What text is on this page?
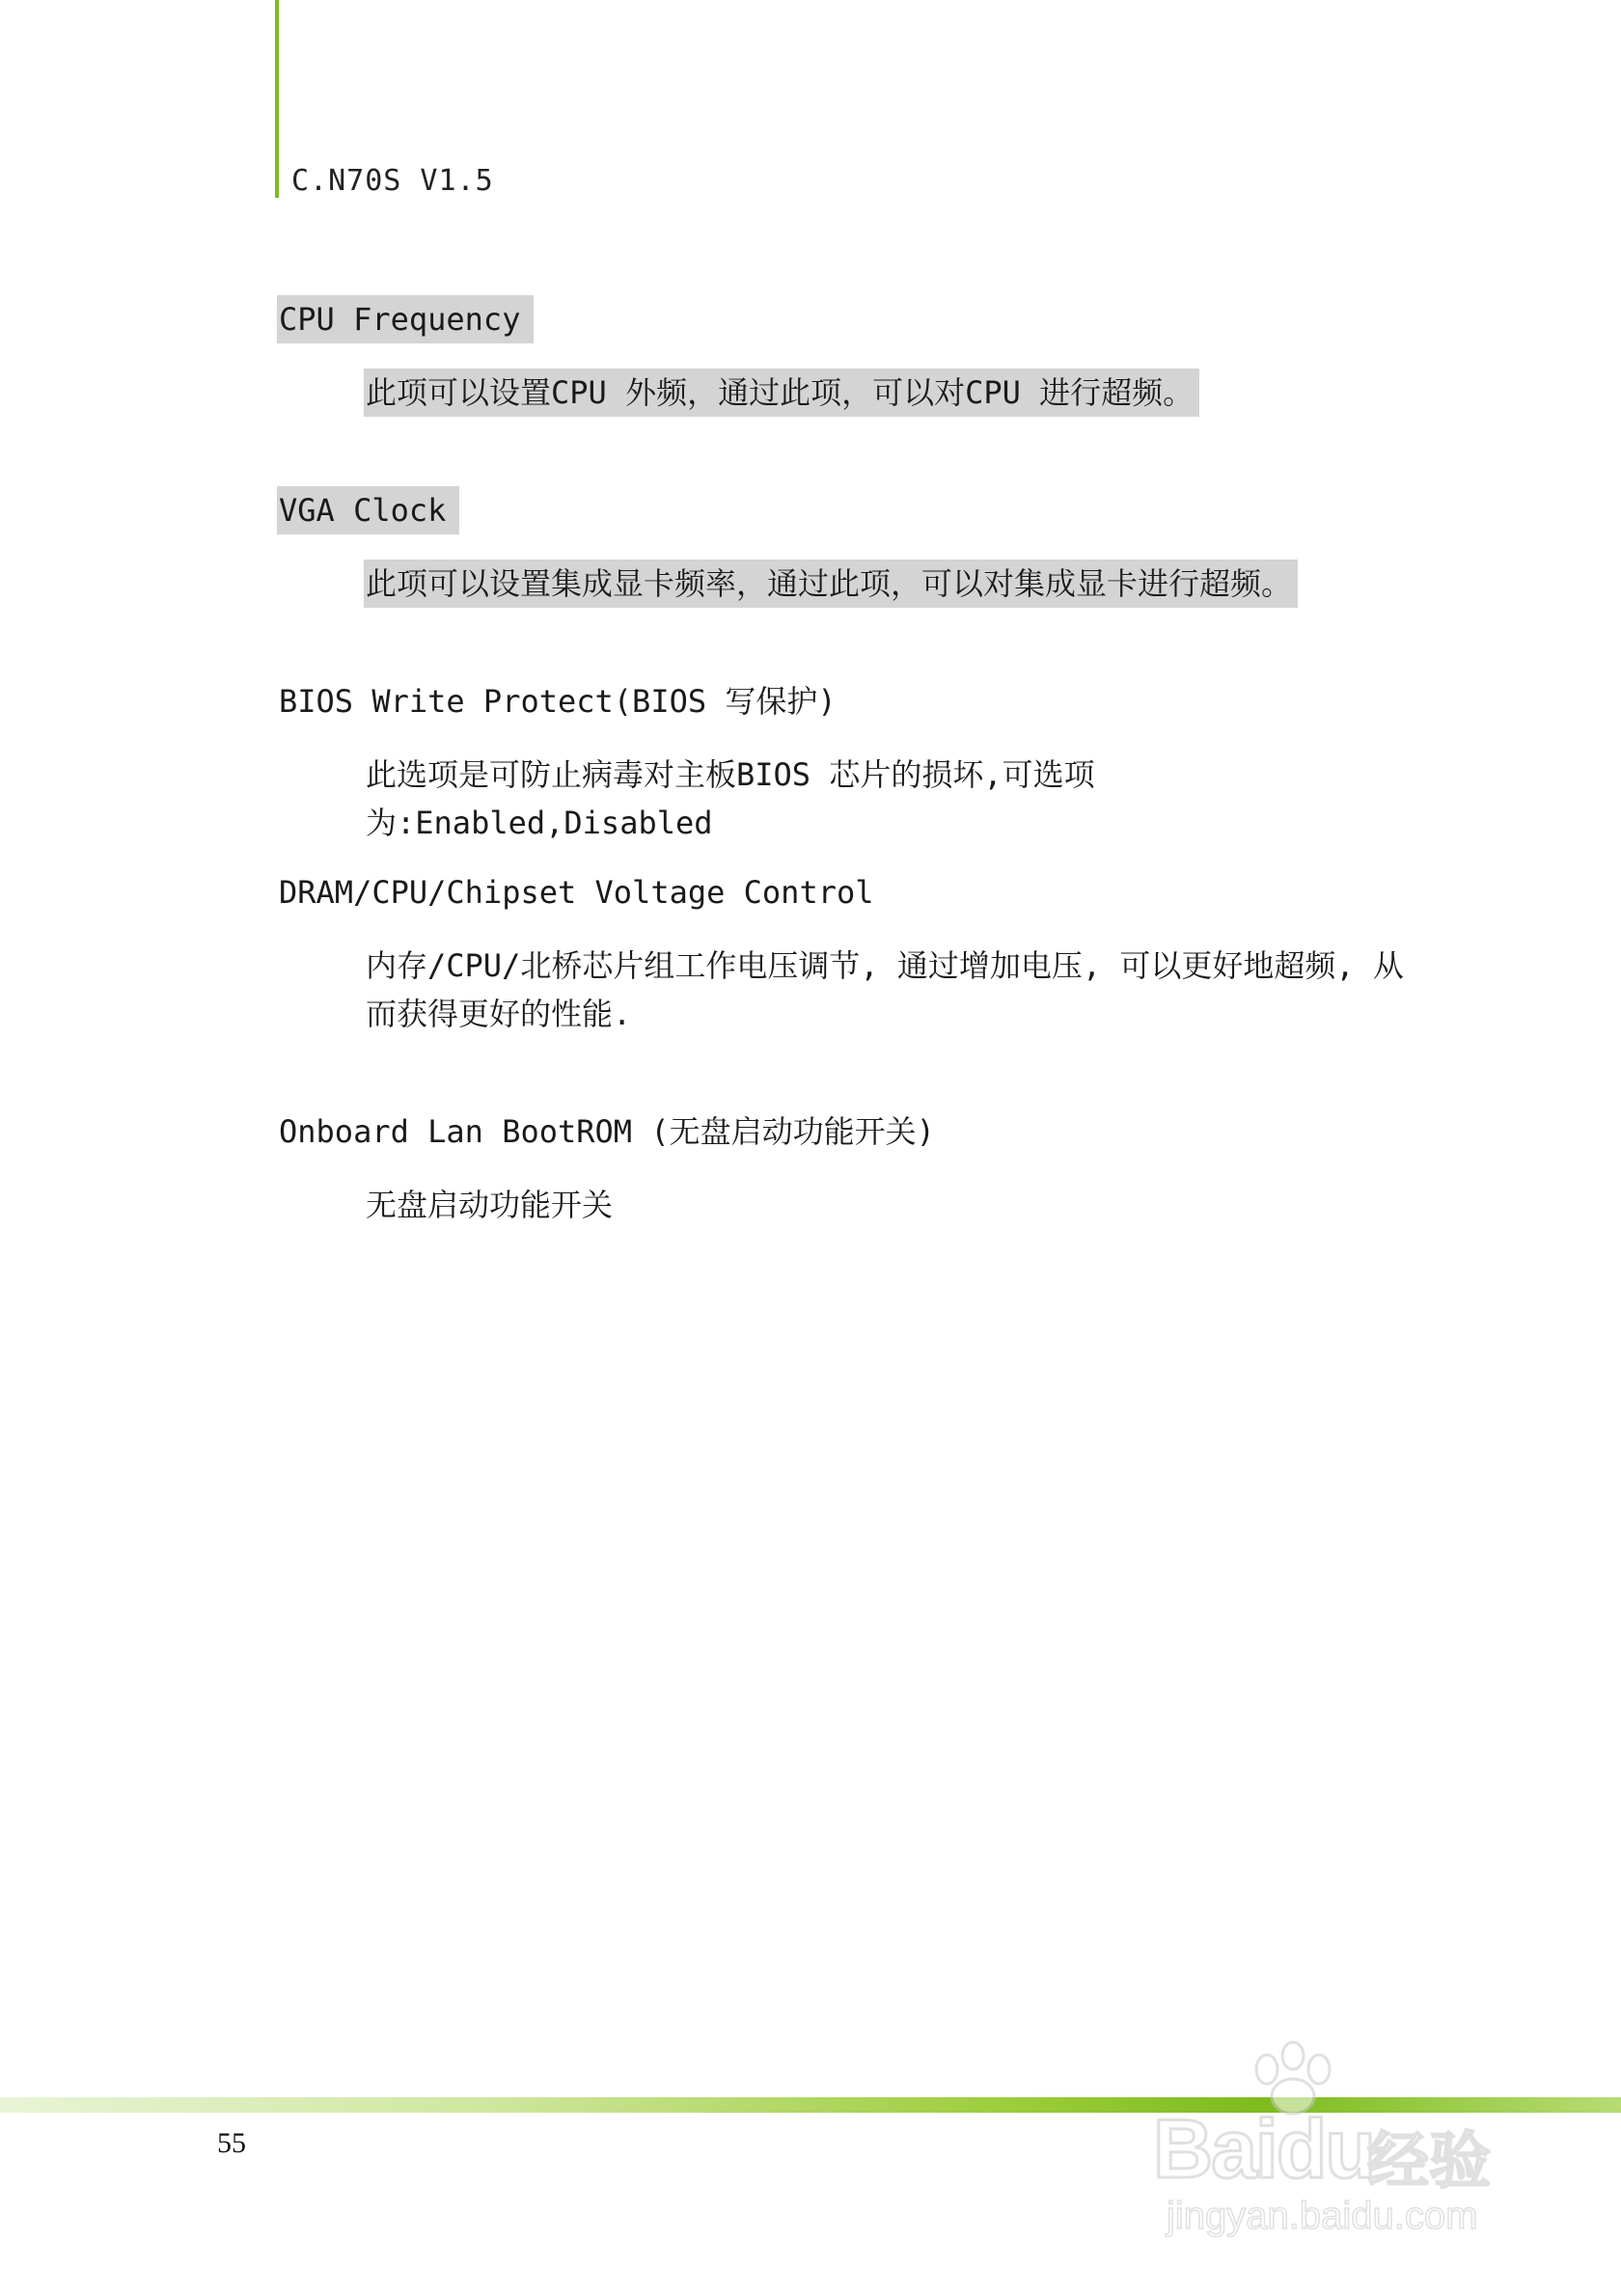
C.N70S V1.5
CPU Frequency
此项可以设置CPU 外频，通过此项，可以对CPU 进行超频。
VGA Clock
此项可以设置集成显卡频率，通过此项，可以对集成显卡进行超频。
BIOS Write Protect(BIOS 写保护)
此选项是可防止病毒对主板BIOS 芯片的损坏,可选项为:Enabled,Disabled
DRAM/CPU/Chipset Voltage Control
内存/CPU/北桥芯片组工作电压调节, 通过增加电压, 可以更好地超频, 从而获得更好的性能.
Onboard Lan BootROM (无盘启动功能开关)
无盘启动功能开关
55	Baidu
经验
jingyan.baidu.com
